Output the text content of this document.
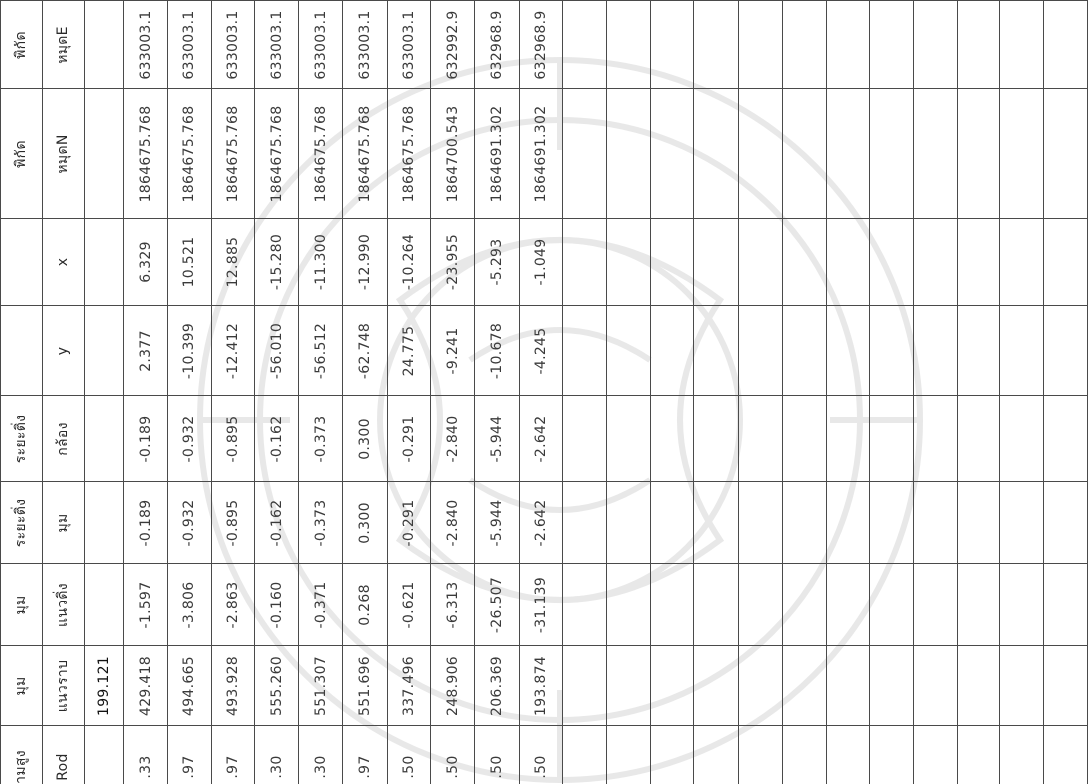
พิกัด	หมุดE		633003.1	633003.1	633003.1	633003.1	633003.1	633003.1	633003.1	632992.9	632968.9	632968.9												

พิกัด	หมุดN		1864675.768	1864675.768	1864675.768	1864675.768	1864675.768	1864675.768	1864675.768	1864700.543	1864691.302	1864691.302												

	x		6.329	10.521	12.885	-15.280	-11.300	-12.990	-10.264	-23.955	-5.293	-1.049												

	y		2.377	-10.399	-12.412	-56.010	-56.512	-62.748	24.775	-9.241	-10.678	-4.245												

ระยะติ่ง	กล้อง		-0.189	-0.932	-0.895	-0.162	-0.373	0.300	-0.291	-2.840	-5.944	-2.642												

ระยะติ่ง	มุม		-0.189	-0.932	-0.895	-0.162	-0.373	0.300	-0.291	-2.840	-5.944	-2.642												

มุม	แนวดิ่ง		-1.597	-3.806	-2.863	-0.160	-0.371	0.268	-0.621	-6.313	-26.507	-31.139												

มุม	แนวราบ	199.121	429.418	494.665	493.928	555.260	551.307	551.696	337.496	248.906	206.369	193.874												

ามสูง	Rod		.33	.97	.97	.30	.30	.97	.50	.50	.50	.50												
